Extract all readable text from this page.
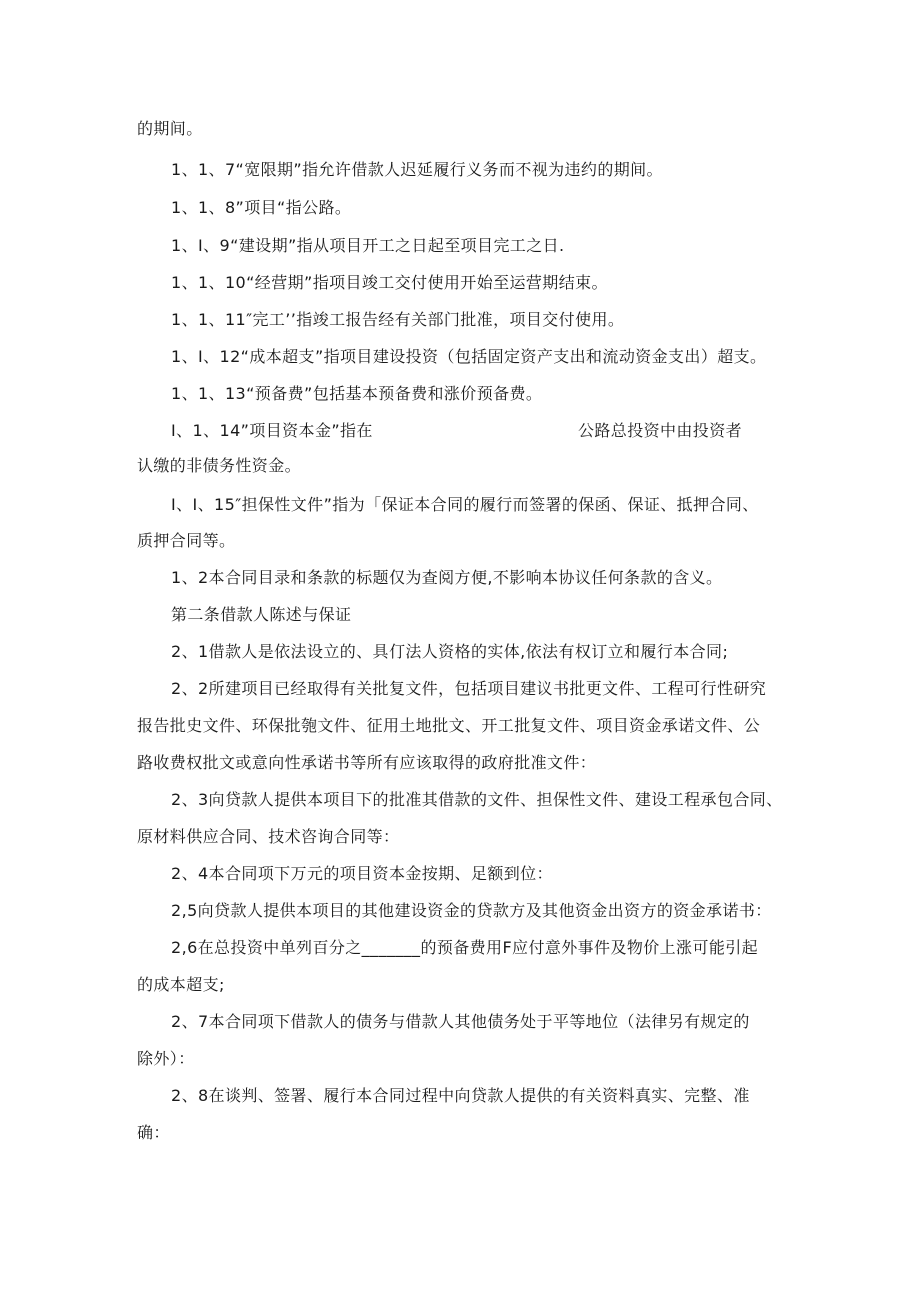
的期间。
1、1、7“宽限期”指允许借款人迟延履行义务而不视为违约的期间。
1、1、8”项目“指公路。
1、I、9“建设期”指从项目开工之日起至项目完工之日.
1、1、10“经营期”指项目竣工交付使用开始至运营期结束。
1、1、11″完工’’指竣工报告经有关部门批准，项目交付使用。
1、I、12“成本超支”指项目建设投资（包括固定资产支出和流动资金支出）超支。
1、1、13“预备费”包括基本预备费和涨价预备费。
I、1、14”项目资本金”指在	公路总投资中由投资者
认缴的非债务性资金。
I、I、15″担保性文件”指为「保证本合同的履行而签署的保函、保证、抵押合同、
质押合同等。
1、2本合同目录和条款的标题仅为查阅方便,不影响本协议任何条款的含义。
第二条借款人陈述与保证
2、1借款人是依法设立的、具仃法人资格的实体,依法有权订立和履行本合同;
2、2所建项目已经取得有关批复文件，包括项目建议书批更文件、工程可行性研究
报告批史文件、环保批匏文件、征用土地批文、开工批复文件、项目资金承诺文件、公
路收费权批文或意向性承诺书等所有应该取得的政府批准文件：
2、3向贷款人提供本项目下的批准其借款的文件、担保性文件、建设工程承包合同、
原材料供应合同、技术咨询合同等：
2、4本合同项下万元的项目资本金按期、足额到位：
2,5向贷款人提供本项目的其他建设资金的贷款方及其他资金出资方的资金承诺书：
2,6在总投资中单列百分之_______的预备费用F应付意外事件及物价上涨可能引起
的成本超支;
2、7本合同项下借款人的债务与借款人其他债务处于平等地位（法律另有规定的
除外）：
2、8在谈判、签署、履行本合同过程中向贷款人提供的有关资料真实、完整、准
确：
